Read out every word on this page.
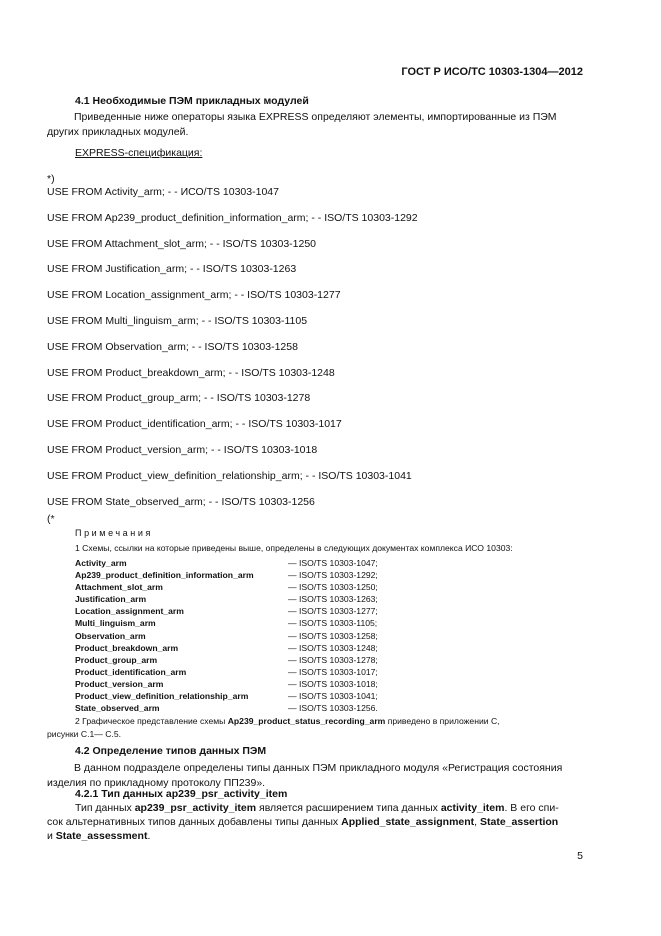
ГОСТ Р ИСО/ТС 10303-1304—2012
4.1 Необходимые ПЭМ прикладных модулей
Приведенные ниже операторы языка EXPRESS определяют элементы, импортированные из ПЭМ других прикладных модулей.
EXPRESS-спецификация:
*)
USE FROM Activity_arm; - - ИСО/TS 10303-1047
USE FROM Ap239_product_definition_information_arm; - - ISO/TS 10303-1292
USE FROM Attachment_slot_arm; - - ISO/TS 10303-1250
USE FROM Justification_arm; - - ISO/TS 10303-1263
USE FROM Location_assignment_arm; - - ISO/TS 10303-1277
USE FROM Multi_linguism_arm; - - ISO/TS 10303-1105
USE FROM Observation_arm; - - ISO/TS 10303-1258
USE FROM Product_breakdown_arm; - - ISO/TS 10303-1248
USE FROM Product_group_arm; - - ISO/TS 10303-1278
USE FROM Product_identification_arm; - - ISO/TS 10303-1017
USE FROM Product_version_arm; - - ISO/TS 10303-1018
USE FROM Product_view_definition_relationship_arm; - - ISO/TS 10303-1041
USE FROM State_observed_arm; - - ISO/TS 10303-1256
(*
Примечания
1 Схемы, ссылки на которые приведены выше, определены в следующих документах комплекса ИСО 10303:
Activity_arm	— ISO/TS 10303-1047;
Ap239_product_definition_information_arm	— ISO/TS 10303-1292;
Attachment_slot_arm	— ISO/TS 10303-1250;
Justification_arm	— ISO/TS 10303-1263;
Location_assignment_arm	— ISO/TS 10303-1277;
Multi_linguism_arm	— ISO/TS 10303-1105;
Observation_arm	— ISO/TS 10303-1258;
Product_breakdown_arm	— ISO/TS 10303-1248;
Product_group_arm	— ISO/TS 10303-1278;
Product_identification_arm	— ISO/TS 10303-1017;
Product_version_arm	— ISO/TS 10303-1018;
Product_view_definition_relationship_arm	— ISO/TS 10303-1041;
State_observed_arm	— ISO/TS 10303-1256.
2 Графическое представление схемы Ap239_product_status_recording_arm приведено в приложении С,
рисунки С.1— С.5.
4.2 Определение типов данных ПЭМ
В данном подразделе определены типы данных ПЭМ прикладного модуля «Регистрация состояния изделия по прикладному протоколу ПП239».
4.2.1 Тип данных ap239_psr_activity_item
Тип данных ap239_psr_activity_item является расширением типа данных activity_item. В его спи-
сок альтернативных типов данных добавлены типы данных Applied_state_assignment, State_assertion
и State_assessment.
5
